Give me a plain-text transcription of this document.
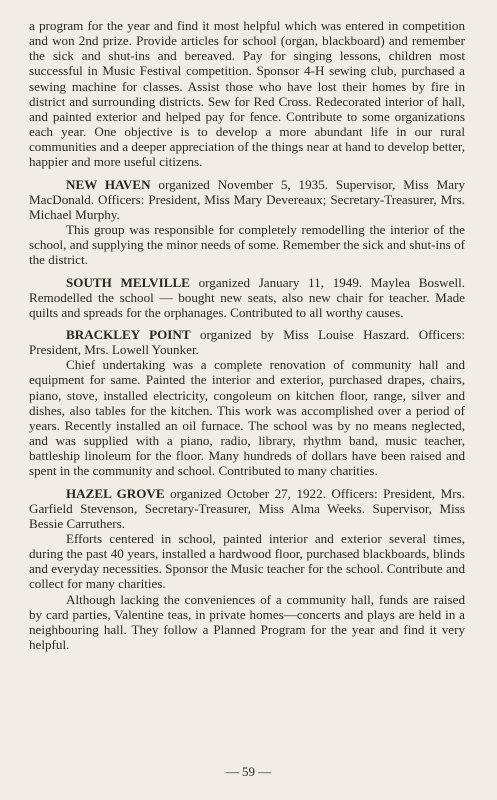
a program for the year and find it most helpful which was entered in competition and won 2nd prize. Provide articles for school (organ, blackboard) and remember the sick and shut-ins and bereaved. Pay for singing lessons, children most successful in Music Festival competition. Sponsor 4-H sewing club, purchased a sewing machine for classes. Assist those who have lost their homes by fire in district and surrounding districts. Sew for Red Cross. Redecorated interior of hall, and painted exterior and helped pay for fence. Contribute to some organizations each year. One objective is to develop a more abundant life in our rural communities and a deeper appreciation of the things near at hand to develop better, happier and more useful citizens.

NEW HAVEN organized November 5, 1935. Supervisor, Miss Mary MacDonald. Officers: President, Miss Mary Devereaux; Secretary-Treasurer, Mrs. Michael Murphy.

This group was responsible for completely remodelling the interior of the school, and supplying the minor needs of some. Remember the sick and shut-ins of the district.

SOUTH MELVILLE organized January 11, 1949. Maylea Boswell. Remodelled the school — bought new seats, also new chair for teacher. Made quilts and spreads for the orphanages. Contributed to all worthy causes.

BRACKLEY POINT organized by Miss Louise Haszard. Officers: President, Mrs. Lowell Younker.

Chief undertaking was a complete renovation of community hall and equipment for same. Painted the interior and exterior, purchased drapes, chairs, piano, stove, installed electricity, congoleum on kitchen floor, range, silver and dishes, also tables for the kitchen. This work was accomplished over a period of years. Recently installed an oil furnace. The school was by no means neglected, and was supplied with a piano, radio, library, rhythm band, music teacher, battleship linoleum for the floor. Many hundreds of dollars have been raised and spent in the community and school. Contributed to many charities.

HAZEL GROVE organized October 27, 1922. Officers: President, Mrs. Garfield Stevenson, Secretary-Treasurer, Miss Alma Weeks. Supervisor, Miss Bessie Carruthers.

Efforts centered in school, painted interior and exterior several times, during the past 40 years, installed a hardwood floor, purchased blackboards, blinds and everyday necessities. Sponsor the Music teacher for the school. Contribute and collect for many charities.

Although lacking the conveniences of a community hall, funds are raised by card parties, Valentine teas, in private homes—concerts and plays are held in a neighbouring hall. They follow a Planned Program for the year and find it very helpful.

— 59 —
